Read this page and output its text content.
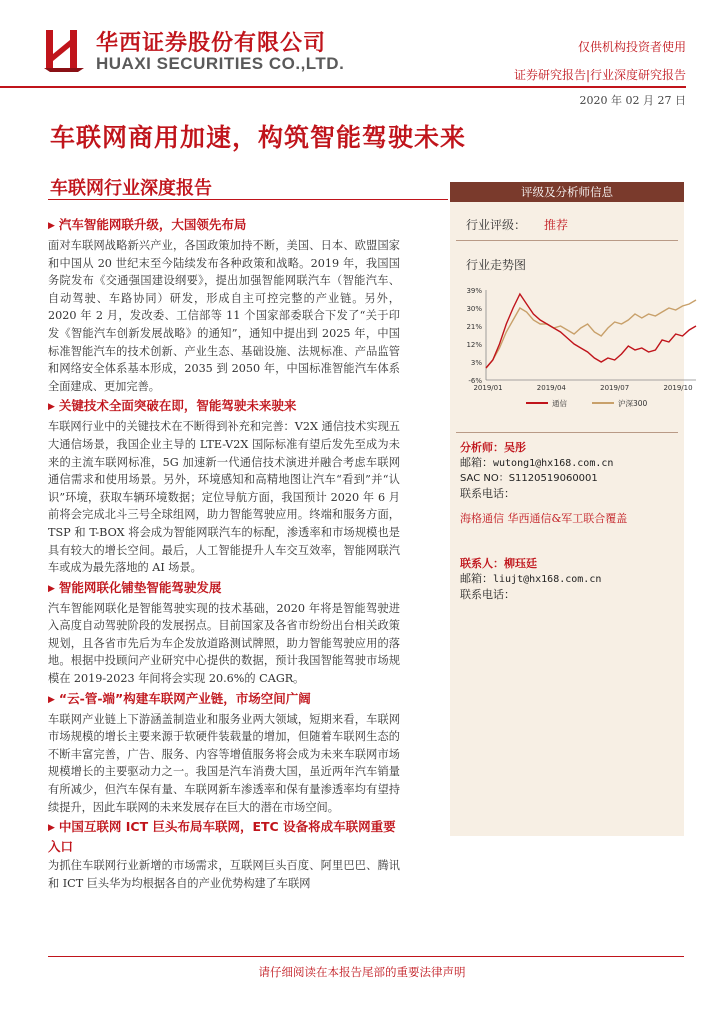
华西证券股份有限公司
HUAXI SECURITIES CO.,LTD.
仅供机构投资者使用
证券研究报告|行业深度研究报告
2020 年 02 月 27 日
车联网商用加速，构筑智能驾驶未来
车联网行业深度报告
▶ 汽车智能网联升级，大国领先布局

面对车联网战略新兴产业，各国政策加持不断，美国、日本、欧盟国家和中国从 20 世纪末至今陆续发布各种政策和战略。2019 年，我国国务院发布《交通强国建设纲要》，提出加强智能网联汽车（智能汽车、自动驾驶、车路协同）研发，形成自主可控完整的产业链。另外，2020 年 2 月，发改委、工信部等 11 个国家部委联合下发了“关于印发《智能汽车创新发展战略》的通知”，通知中提出到 2025 年，中国标准智能汽车的技术创新、产业生态、基础设施、法规标准、产品监管和网络安全体系基本形成，2035 到 2050 年，中国标准智能汽车体系全面建成、更加完善。

▶ 关键技术全面突破在即，智能驾驶未来驶来

车联网行业中的关键技术在不断得到补充和完善：V2X 通信技术实现五大通信场景，我国企业主导的 LTE-V2X 国际标准有望后发先至成为未来的主流车联网标准，5G 加速新一代通信技术演进并融合考虑车联网通信需求和使用场景。另外，环境感知和高精地图让汽车“看到”并“认识”环境，获取车辆环境数据；定位导航方面，我国预计 2020 年 6 月前将会完成北斗三号全球组网，助力智能驾驶应用。终端和服务方面，TSP 和 T-BOX 将会成为智能网联汽车的标配，渗透率和市场规模也是具有较大的增长空间。最后，人工智能提升人车交互效率，智能网联汽车或成为最先落地的 AI 场景。

▶ 智能网联化铺垫智能驾驶发展

汽车智能网联化是智能驾驶实现的技术基础，2020 年将是智能驾驶进入高度自动驾驶阶段的发展拐点。目前国家及各省市纷纷出台相关政策规划，且各省市先后为车企发放道路测试牌照，助力智能驾驶应用的落地。根据中投顾问产业研究中心提供的数据，预计我国智能驾驶市场规模在 2019-2023 年间将会实现 20.6%的 CAGR。

▶ “云-管-端”构建车联网产业链，市场空间广阔

车联网产业链上下游涵盖制造业和服务业两大领域，短期来看，车联网市场规模的增长主要来源于软硬件装载量的增加，但随着车联网生态的不断丰富完善，广告、服务、内容等增值服务将会成为未来车联网市场规模增长的主要驱动力之一。我国是汽车消费大国，虽近两年汽车销量有所减少，但汽车保有量、车联网新车渗透率和保有量渗透率均有望持续提升，因此车联网的未来发展存在巨大的潜在市场空间。

▶ 中国互联网 ICT 巨头布局车联网，ETC 设备将成车联网重要入口

为抓住车联网行业新增的市场需求，互联网巨头百度、阿里巴巴、腾讯和 ICT 巨头华为均根据各自的产业优势构建了车联网

评级及分析师信息
行业评级： 推荐
行业走势图
39%
30%
21%
12%
3%
-6%
2019/01	2019/04	2019/07	2019/10
通信	沪深300
分析师：吴彤
邮箱：wutong1@hx168.com.cn
SAC NO：S1120519060001
联系电话：
海格通信 华西通信&军工联合覆盖
联系人：柳珏廷
邮箱：liujt@hx168.com.cn
联系电话：
请仔细阅读在本报告尾部的重要法律声明
